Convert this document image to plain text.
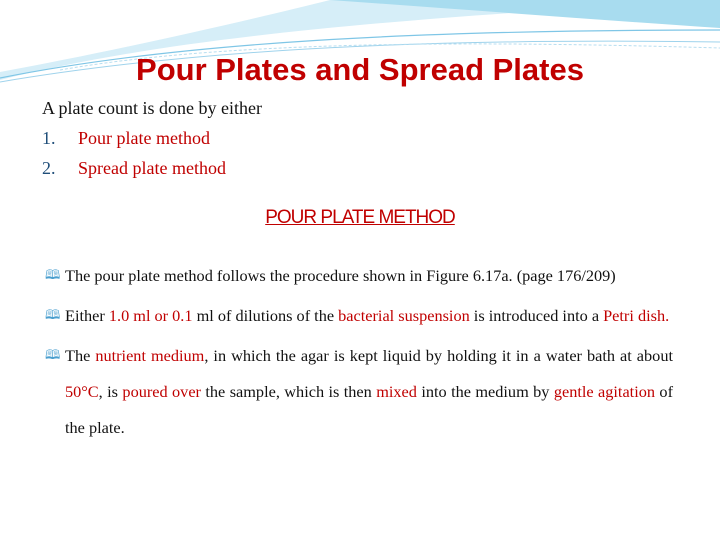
Pour Plates and Spread Plates
A plate count is done by either
1. Pour plate method
2. Spread plate method
POUR PLATE METHOD
🕮 The pour plate method follows the procedure shown in Figure 6.17a. (page 176/209)
🕮 Either 1.0 ml or 0.1 ml of dilutions of the bacterial suspension is introduced into a Petri dish.
🕮 The nutrient medium, in which the agar is kept liquid by holding it in a water bath at about 50°C, is poured over the sample, which is then mixed into the medium by gentle agitation of the plate.
